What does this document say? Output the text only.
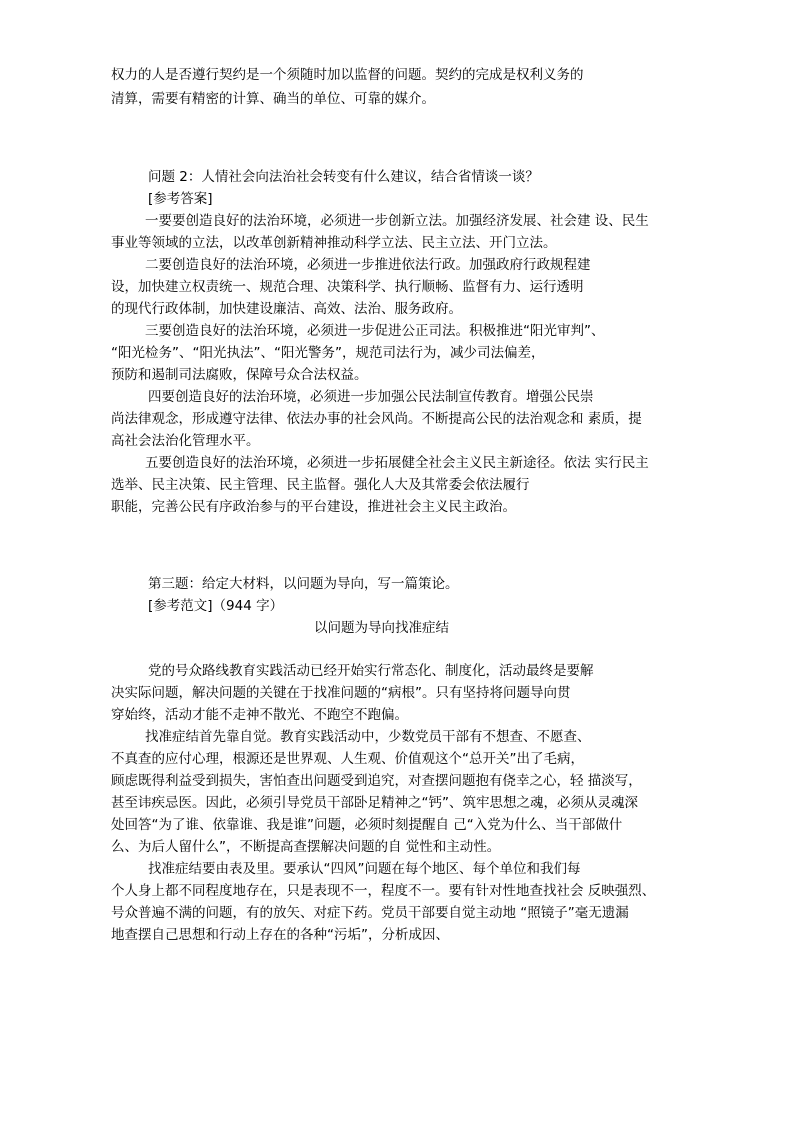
权力的人是否遵行契约是一个须随时加以监督的问题。契约的完成是权利义务的
清算，需要有精密的计算、确当的单位、可靠的媒介。
问题 2：人情社会向法治社会转变有什么建议，结合省情谈一谈？
[参考答案]
一要要创造良好的法治环境，必须进一步创新立法。加强经济发展、社会建 设、民生
事业等领域的立法，以改革创新精神推动科学立法、民主立法、开门立法。
二要创造良好的法治环境，必须进一步推进依法行政。加强政府行政规程建
设，加快建立权责统一、规范合理、决策科学、执行顺畅、监督有力、运行透明
的现代行政体制，加快建设廉洁、高效、法治、服务政府。
三要创造良好的法治环境，必须进一步促进公正司法。积极推进“阳光审判”、
“阳光检务”、“阳光执法”、“阳光警务”，规范司法行为，减少司法偏差，
预防和遏制司法腐败，保障号众合法权益。
四要创造良好的法治环境，必须进一步加强公民法制宣传教育。增强公民崇
尚法律观念，形成遵守法律、依法办事的社会风尚。不断提高公民的法治观念和 素质，提
高社会法治化管理水平。
五要创造良好的法治环境，必须进一步拓展健全社会主义民主新途径。依法 实行民主
选举、民主决策、民主管理、民主监督。强化人大及其常委会依法履行
职能，完善公民有序政治参与的平台建设，推进社会主义民主政治。
第三题：给定大材料，以问题为导向，写一篇策论。
[参考范文]（944 字）
以问题为导向找准症结
党的号众路线教育实践活动已经开始实行常态化、制度化，活动最终是要解
决实际问题，解决问题的关键在于找准问题的“病根”。只有坚持将问题导向贯
穿始终，活动才能不走神不散光、不跑空不跑偏。
找准症结首先靠自觉。教育实践活动中，少数党员干部有不想查、不愿查、
不真查的应付心理，根源还是世界观、人生观、价值观这个“总开关”出了毛病，
顾虑既得利益受到损失，害怕查出问题受到追究，对查摆问题抱有侥幸之心，轻 描淡写，
甚至讳疾忌医。因此，必须引导党员干部卧足精神之“钙”、筑牢思想之魂，必须从灵魂深
处回答“为了谁、依靠谁、我是谁”问题，必须时刻提醒自 己“入党为什么、当干部做什
么、为后人留什么”，不断提高查摆解决问题的自 觉性和主动性。
找准症结要由表及里。要承认“四风”问题在每个地区、每个单位和我们每
个人身上都不同程度地存在，只是表现不一，程度不一。要有针对性地查找社会 反映强烈、
号众普遍不满的问题，有的放矢、对症下药。党员干部要自觉主动地 “照镜子”毫无遗漏
地查摆自己思想和行动上存在的各种“污垢”，分析成因、
